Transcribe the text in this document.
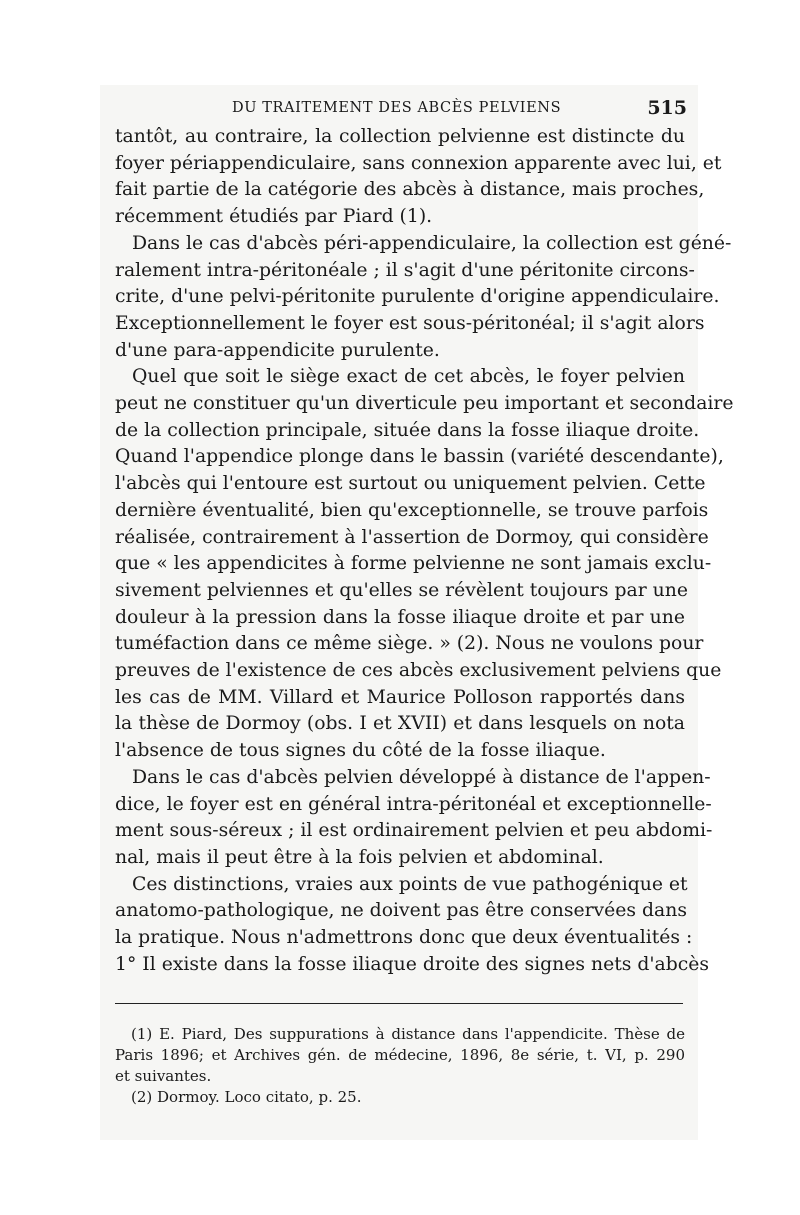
DU TRAITEMENT DES ABCÈS PELVIENS	515

tantôt, au contraire, la collection pelvienne est distincte du
foyer périappendiculaire, sans connexion apparente avec lui, et
fait partie de la catégorie des abcès à distance, mais proches,
récemment étudiés par Piard (1).

Dans le cas d'abcès péri-appendiculaire, la collection est géné-
ralement intra-péritonéale ; il s'agit d'une péritonite circons-
crite, d'une pelvi-péritonite purulente d'origine appendiculaire.
Exceptionnellement le foyer est sous-péritonéal; il s'agit alors
d'une para-appendicite purulente.

Quel que soit le siège exact de cet abcès, le foyer pelvien
peut ne constituer qu'un diverticule peu important et secondaire
de la collection principale, située dans la fosse iliaque droite.
Quand l'appendice plonge dans le bassin (variété descendante),
l'abcès qui l'entoure est surtout ou uniquement pelvien. Cette
dernière éventualité, bien qu'exceptionnelle, se trouve parfois
réalisée, contrairement à l'assertion de Dormoy, qui considère
que « les appendicites à forme pelvienne ne sont jamais exclu-
sivement pelviennes et qu'elles se révèlent toujours par une
douleur à la pression dans la fosse iliaque droite et par une
tuméfaction dans ce même siège. » (2). Nous ne voulons pour
preuves de l'existence de ces abcès exclusivement pelviens que
les cas de MM. Villard et Maurice Polloson rapportés dans
la thèse de Dormoy (obs. I et XVII) et dans lesquels on nota
l'absence de tous signes du côté de la fosse iliaque.

Dans le cas d'abcès pelvien développé à distance de l'appen-
dice, le foyer est en général intra-péritonéal et exceptionnelle-
ment sous-séreux ; il est ordinairement pelvien et peu abdomi-
nal, mais il peut être à la fois pelvien et abdominal.

Ces distinctions, vraies aux points de vue pathogénique et
anatomo-pathologique, ne doivent pas être conservées dans
la pratique. Nous n'admettrons donc que deux éventualités :
1° Il existe dans la fosse iliaque droite des signes nets d'abcès

(1) E. Piard, Des suppurations à distance dans l'appendicite. Thèse de
Paris 1896; et Archives gén. de médecine, 1896, 8e série, t. VI, p. 290
et suivantes.

(2) Dormoy. Loco citato, p. 25.
